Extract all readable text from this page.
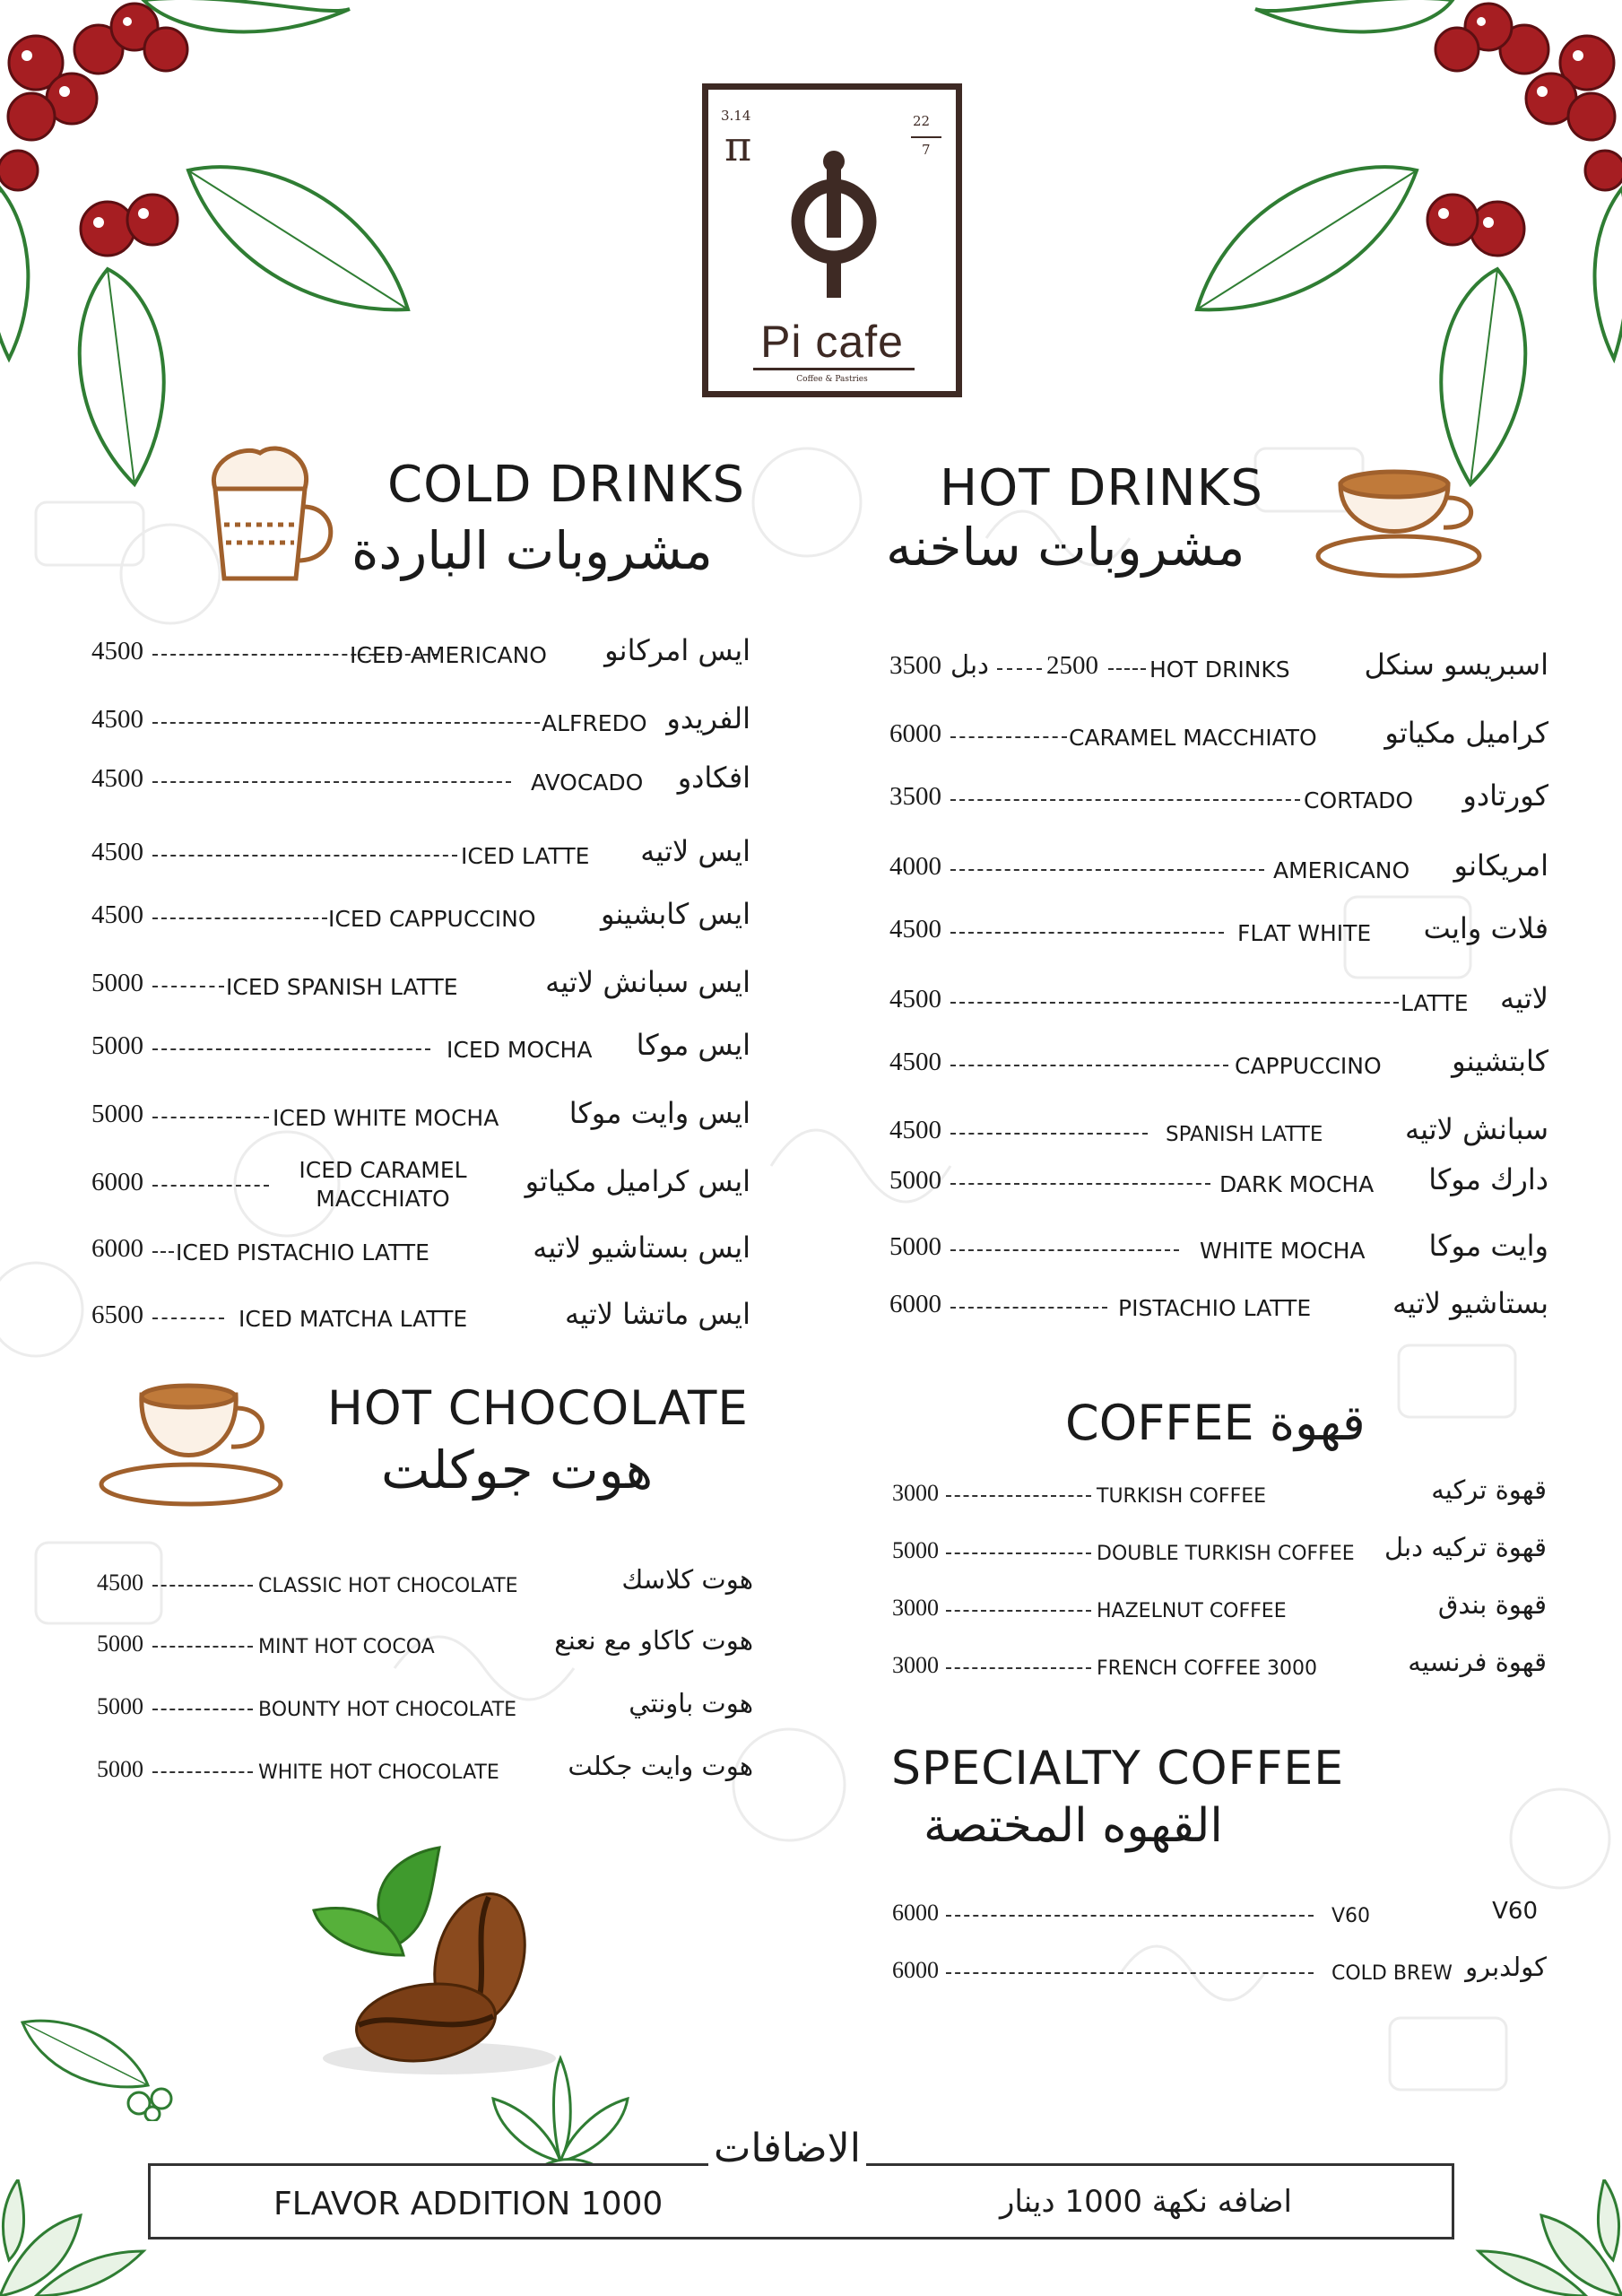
3.14
π
22
7
Pi cafe
Coffee & Pastries
COLD DRINKS
مشروبات الباردة
4500	ICED AMERICANO ايس امركانو
4500	ALFREDO الفريدو
4500	AVOCADO افكادو
4500	ICED LATTE ايس لاتيه
4500	ICED CAPPUCCINO ايس كابشينو
5000	ICED SPANISH LATTE	ايس سبانش لاتيه
5000	ICED MOCHA ايس موكا
5000	ICED WHITE MOCHA ايس وايت موكا
6000	ICED CARAMEL
MACCHIATO
ايس كراميل مكياتو
6000 ICED PISTACHIO LATTE	ايس بستاشيو لاتيه
6500	ICED MATCHA LATTE	ايس ماتشا لاتيه
HOT DRINKS
مشروبات ساخنه
3500 دبل 2500 HOT DRINKS	اسبريسو سنكل
6000	CARAMEL MACCHIATO كراميل مكياتو
3500	CORTADO كورتادو
4000	AMERICANO امريكانو
4500	FLAT WHITE فلات وايت
4500	LATTE لاتيه
4500	CAPPUCCINO كابتشينو
4500	SPANISH LATTE	سبانش لاتيه
5000	DARK MOCHA دارك موكا
5000	WHITE MOCHA وايت موكا
6000	PISTACHIO LATTE	بستاشيو لاتيه
HOT CHOCOLATE
هوت جوكلت
4500	CLASSIC HOT CHOCOLATE	هوت كلاسك
5000	MINT HOT COCOA	هوت كاكاو مع نعنع
5000	BOUNTY HOT CHOCOLATE	هوت باونتي
5000	WHITE HOT CHOCOLATE	هوت وايت جكلت
COFFEE قهوة
3000	TURKISH COFFEE	قهوة تركيه
5000	DOUBLE TURKISH COFFEE قهوة تركيه دبل
3000	HAZELNUT COFFEE	قهوة بندق
3000	FRENCH COFFEE 3000	قهوة فرنسيه
SPECIALTY COFFEE
القهوه المختصة
6000	V60	V60
6000	COLD BREW كولدبرو
الاضافات
FLAVOR ADDITION 1000	اضافه نكهة 1000 دينار
